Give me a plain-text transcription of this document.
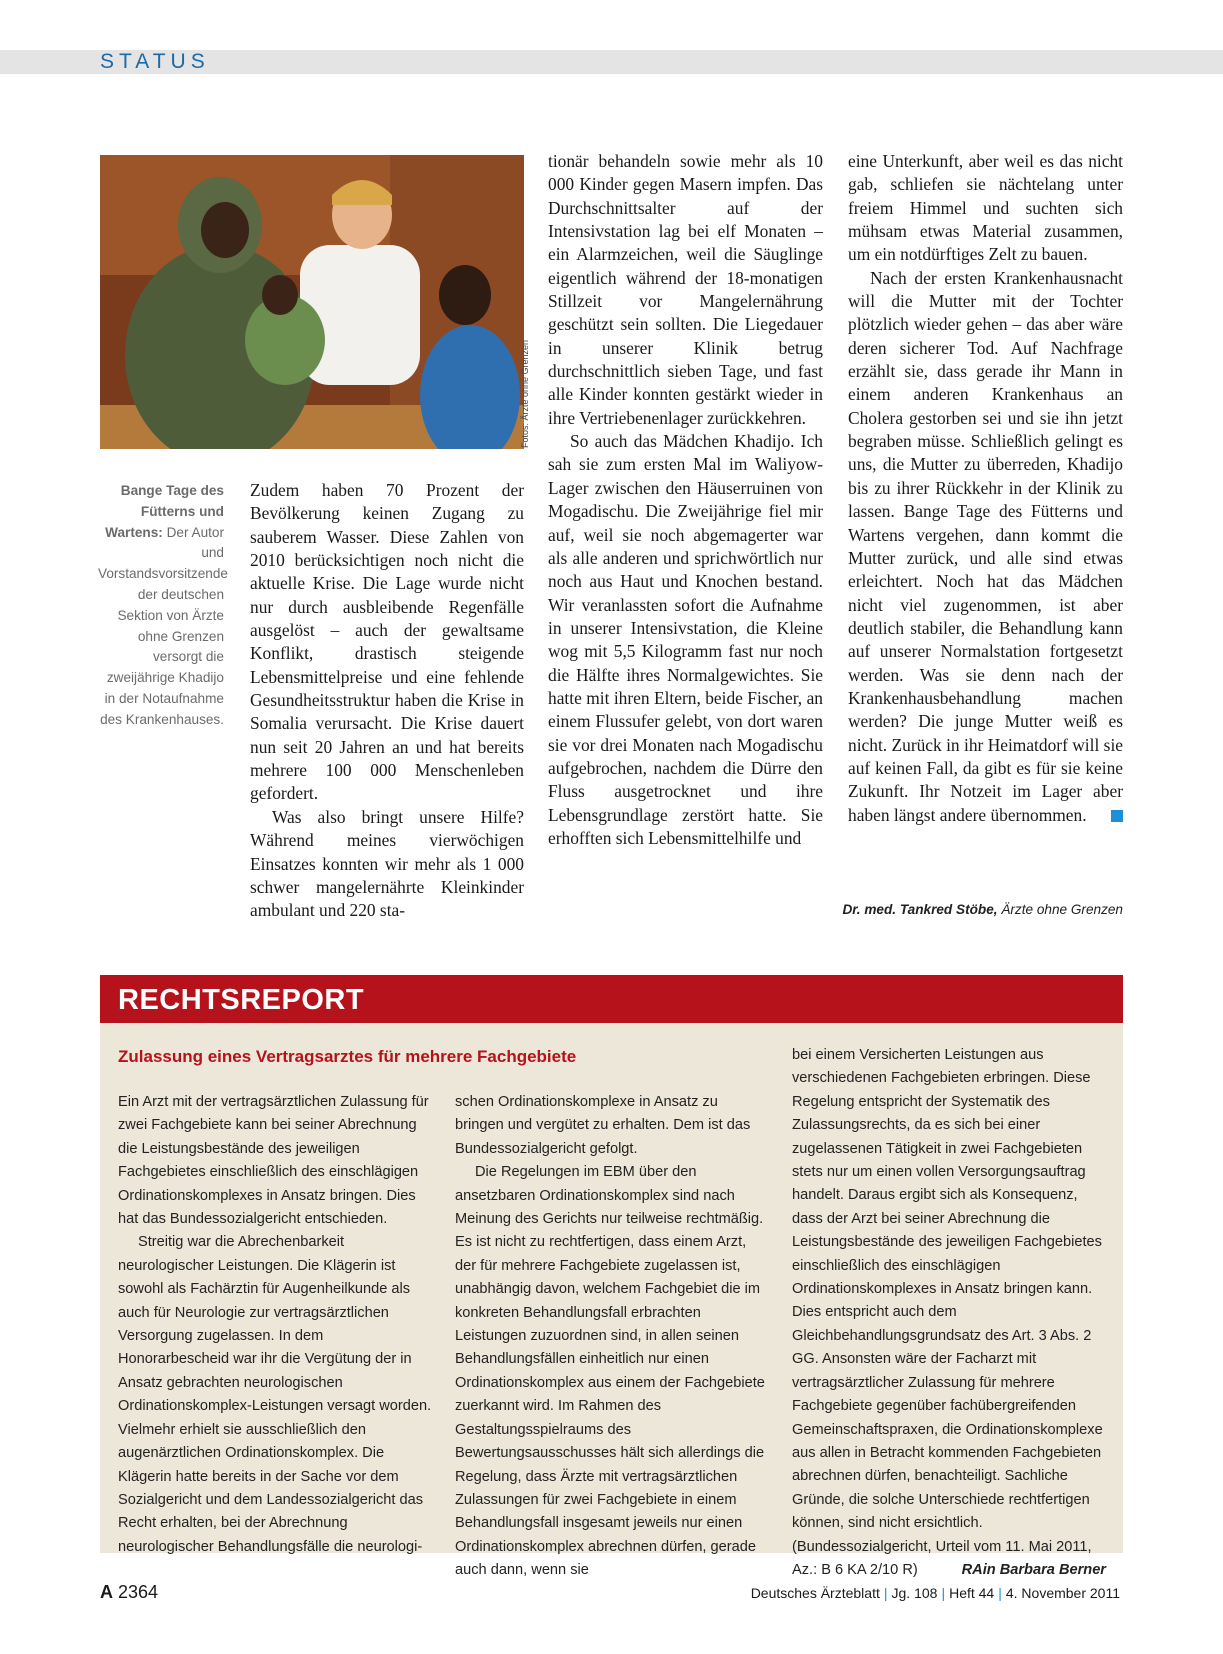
STATUS
Fotos: Ärzte ohne Grenzen
Bange Tage des Fütterns und Wartens: Der Autor und Vorstandsvorsitzende der deutschen Sektion von Ärzte ohne Grenzen versorgt die zweijährige Khadijo in der Notaufnahme des Krankenhauses.

Zudem haben 70 Prozent der Bevölkerung keinen Zugang zu sauberem Wasser. Diese Zahlen von 2010 berücksichtigen noch nicht die aktuelle Krise. Die Lage wurde nicht nur durch ausbleibende Regenfälle ausgelöst – auch der gewaltsame Konflikt, drastisch steigende Lebensmittelpreise und eine fehlende Gesundheitsstruktur haben die Krise in Somalia verursacht. Die Krise dauert nun seit 20 Jahren an und hat bereits mehrere 100 000 Menschenleben gefordert.

Was also bringt unsere Hilfe? Während meines vierwöchigen Einsatzes konnten wir mehr als 1 000 schwer mangelernährte Kleinkinder ambulant und 220 sta-

tionär behandeln sowie mehr als 10 000 Kinder gegen Masern impfen. Das Durchschnittsalter auf der Intensivstation lag bei elf Monaten – ein Alarmzeichen, weil die Säuglinge eigentlich während der 18-monatigen Stillzeit vor Mangelernährung geschützt sein sollten. Die Liegedauer in unserer Klinik betrug durchschnittlich sieben Tage, und fast alle Kinder konnten gestärkt wieder in ihre Vertriebenenlager zurückkehren.

So auch das Mädchen Khadijo. Ich sah sie zum ersten Mal im Waliyow-Lager zwischen den Häuserruinen von Mogadischu. Die Zweijährige fiel mir auf, weil sie noch abgemagerter war als alle anderen und sprichwörtlich nur noch aus Haut und Knochen bestand. Wir veranlassten sofort die Aufnahme in unserer Intensivstation, die Kleine wog mit 5,5 Kilogramm fast nur noch die Hälfte ihres Normalgewichtes. Sie hatte mit ihren Eltern, beide Fischer, an einem Flussufer gelebt, von dort waren sie vor drei Monaten nach Mogadischu aufgebrochen, nachdem die Dürre den Fluss ausgetrocknet und ihre Lebensgrundlage zerstört hatte. Sie erhofften sich Lebensmittelhilfe und

eine Unterkunft, aber weil es das nicht gab, schliefen sie nächtelang unter freiem Himmel und suchten sich mühsam etwas Material zusammen, um ein notdürftiges Zelt zu bauen.

Nach der ersten Krankenhausnacht will die Mutter mit der Tochter plötzlich wieder gehen – das aber wäre deren sicherer Tod. Auf Nachfrage erzählt sie, dass gerade ihr Mann in einem anderen Krankenhaus an Cholera gestorben sei und sie ihn jetzt begraben müsse. Schließlich gelingt es uns, die Mutter zu überreden, Khadijo bis zu ihrer Rückkehr in der Klinik zu lassen. Bange Tage des Fütterns und Wartens vergehen, dann kommt die Mutter zurück, und alle sind etwas erleichtert. Noch hat das Mädchen nicht viel zugenommen, ist aber deutlich stabiler, die Behandlung kann auf unserer Normalstation fortgesetzt werden. Was sie denn nach der Krankenhausbehandlung machen werden? Die junge Mutter weiß es nicht. Zurück in ihr Heimatdorf will sie auf keinen Fall, da gibt es für sie keine Zukunft. Ihr Notzeit im Lager aber haben längst andere übernommen.

Dr. med. Tankred Stöbe, Ärzte ohne Grenzen
RECHTSREPORT
Zulassung eines Vertragsarztes für mehrere Fachgebiete

Ein Arzt mit der vertragsärztlichen Zulassung für zwei Fachgebiete kann bei seiner Abrechnung die Leistungsbestände des jeweiligen Fachgebietes einschließlich des einschlägigen Ordinationskomplexes in Ansatz bringen. Dies hat das Bundessozialgericht entschieden.

Streitig war die Abrechenbarkeit neurologischer Leistungen. Die Klägerin ist sowohl als Fachärztin für Augenheilkunde als auch für Neurologie zur vertragsärztlichen Versorgung zugelassen. In dem Honorarbescheid war ihr die Vergütung der in Ansatz gebrachten neurologischen Ordinationskomplex-Leistungen versagt worden. Vielmehr erhielt sie ausschließlich den augenärztlichen Ordinationskomplex. Die Klägerin hatte bereits in der Sache vor dem Sozialgericht und dem Landessozialgericht das Recht erhalten, bei der Abrechnung neurologischer Behandlungsfälle die neurologi-

schen Ordinationskomplexe in Ansatz zu bringen und vergütet zu erhalten. Dem ist das Bundessozialgericht gefolgt.

Die Regelungen im EBM über den ansetzbaren Ordinationskomplex sind nach Meinung des Gerichts nur teilweise rechtmäßig. Es ist nicht zu rechtfertigen, dass einem Arzt, der für mehrere Fachgebiete zugelassen ist, unabhängig davon, welchem Fachgebiet die im konkreten Behandlungsfall erbrachten Leistungen zuzuordnen sind, in allen seinen Behandlungsfällen einheitlich nur einen Ordinationskomplex aus einem der Fachgebiete zuerkannt wird. Im Rahmen des Gestaltungsspielraums des Bewertungsausschusses hält sich allerdings die Regelung, dass Ärzte mit vertragsärztlichen Zulassungen für zwei Fachgebiete in einem Behandlungsfall insgesamt jeweils nur einen Ordinationskomplex abrechnen dürfen, gerade auch dann, wenn sie

bei einem Versicherten Leistungen aus verschiedenen Fachgebieten erbringen. Diese Regelung entspricht der Systematik des Zulassungsrechts, da es sich bei einer zugelassenen Tätigkeit in zwei Fachgebieten stets nur um einen vollen Versorgungsauftrag handelt. Daraus ergibt sich als Konsequenz, dass der Arzt bei seiner Abrechnung die Leistungsbestände des jeweiligen Fachgebietes einschließlich des einschlägigen Ordinationskomplexes in Ansatz bringen kann. Dies entspricht auch dem Gleichbehandlungsgrundsatz des Art. 3 Abs. 2 GG. Ansonsten wäre der Facharzt mit vertragsärztlicher Zulassung für mehrere Fachgebiete gegenüber fachübergreifenden Gemeinschaftspraxen, die Ordinationskomplexe aus allen in Betracht kommenden Fachgebieten abrechnen dürfen, benachteiligt. Sachliche Gründe, die solche Unterschiede rechtfertigen können, sind nicht ersichtlich. (Bundessozialgericht, Urteil vom 11. Mai 2011, Az.: B 6 KA 2/10 R)	RAin Barbara Berner

A 2364	Deutsches Ärzteblatt | Jg. 108 | Heft 44 | 4. November 2011
